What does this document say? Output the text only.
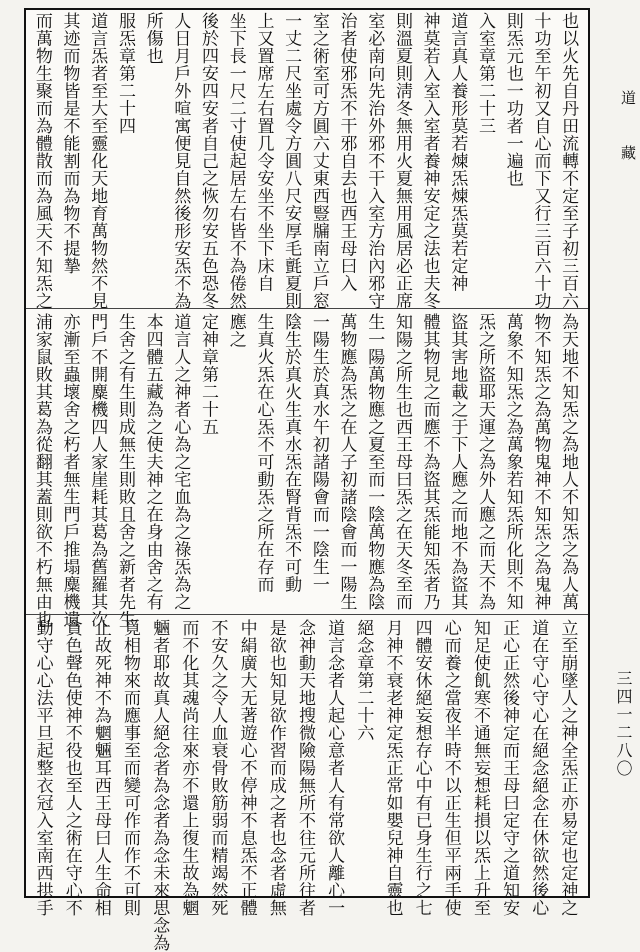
也以火先自丹田流轉不定至子初三百六
十功至午初又自心而下又行三百六十功
則炁元也一功者一遍也
入室章第二十三
道言真人養形莫若煉炁煉炁莫若定神
神莫若入室入室者養神安定之法也夫冬
則溫夏則淸冬無用火夏無用風居必正席
室必南向先治外邪不干入室方治內邪守
治者使邪炁不干邪自去也西王母曰入
室之術室可方圓六丈東西豎牖南立戶窓
一丈二尺坐處令方圓八尺安厚毛氈夏則
上又置席左右置几令安坐不坐下床自
坐下長一尺二寸使起居左右皆不為倦然
後於四安四安者自己之恢勿安五色恐冬
人日月戶外喧寓便見自然後形安炁不為
所傷也
服炁章第二十四
道言炁者至大至靈化天地育萬物然不見
其迹而物皆是不能割而為物不提摯
而萬物生聚而為體散而為風天不知炁之
為天地不知炁之為地人不知炁之為人萬
物不知炁之為萬物鬼神不知炁之為鬼神
萬象不知炁之為萬象若知炁所化則不知
炁之所盜耶天運之為外人應之而天不為
盜其害地載之于下人應之而地不為盜其
體其物見之而應不為盜其炁能知炁者乃
知陽之所生也西王母曰炁之在天冬至而
生一陽萬物應之夏至而一陰萬物應為陰
萬物應為炁之在人子初諸陰會而一陽生
一陽生於真水午初諸陽會而一陰生一
陰生於真火生真水炁在腎背炁不可動
生真火炁在心炁不可動炁之所在存而
應之
定神章第二十五
道言人之神者心為之宅血為之祿炁為之
本四體五藏為之使夫神之在身由舍之有
生舍之有生則成無生則敗且舍之新者先生
門戶不開麋機四人家崖耗其葛為舊羅其次
亦漸至蟲壞舍之朽者無生門戶推塌麋機遺
浦家鼠敗其葛為從翻其蓋則欲不朽無由也
立至崩墜人之神全炁正亦易定也定神之
道在守心守心在絕念絕念在休欲然後心
正心正然後神定而王母曰定守之道知安
知足使飢寒不通無妄想耗損以炁上升至
心而養之當夜半時不以正生但平兩手使
四體安休絕妄想存心中有已身生行之七
月神不衰老神定炁正常如嬰兒神自靈也
絕念章第二十六
道言念者人起心意者人有常欲人離心一
念神動天地搜微險陽無所不往元所往者
是欲也知見欲作習而成之者也念者虛無
中絹廣大无著遊心不停神不息炁不正體
不安久之令人血衰骨敗筋弱而精竭然死
而不化其魂尚往來亦不還上復生故為魍
魎者耶故真人絕念者為念者為念未來思念為
覓相物來而應事至而變可作而作不可則
止故死神不為魍魎耳西王母曰人生命相
貪色聲色使神不役也至人之術在守心不
動守心心法平旦起整衣冠入室南西拱手
道藏
三四一二八〇
